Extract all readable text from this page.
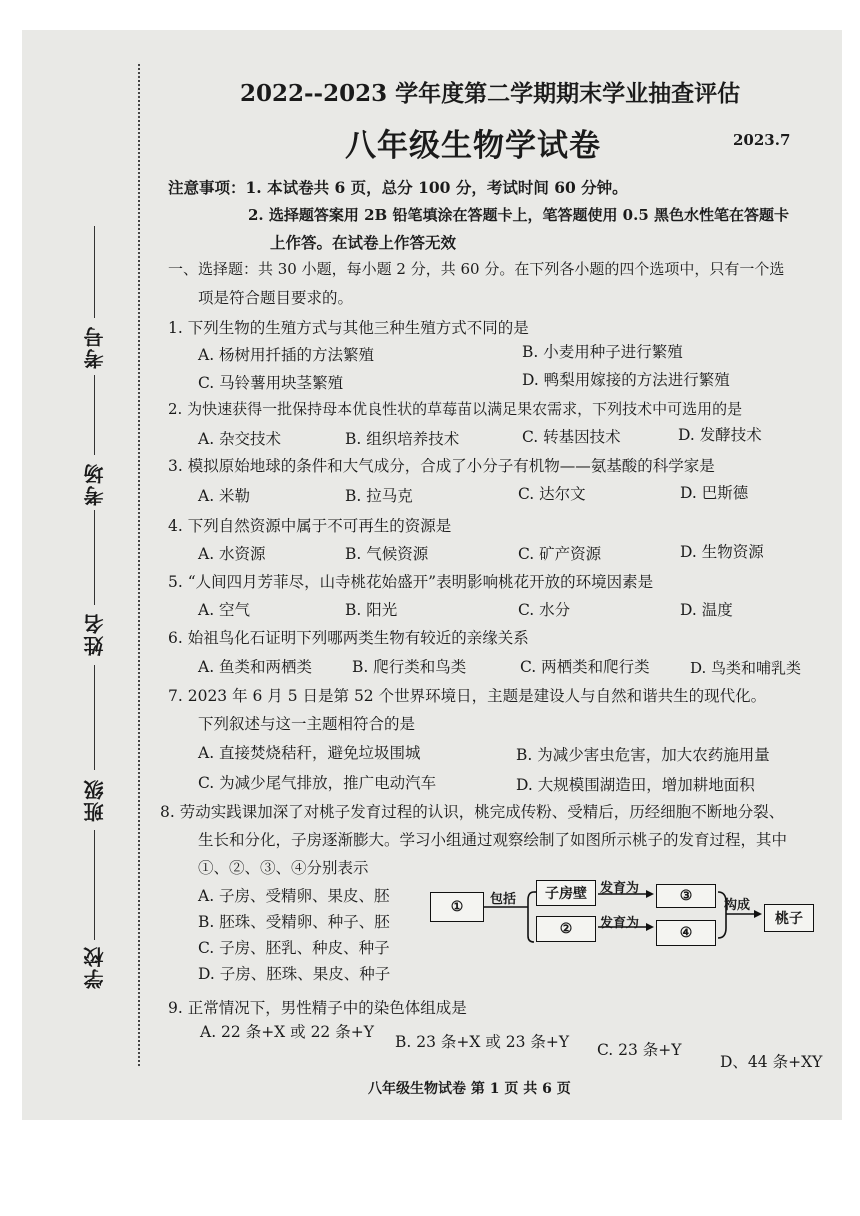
考号
考场
姓名
班级
学校
2022--2023 学年度第二学期期末学业抽查评估
八年级生物学试卷	2023.7
注意事项：1. 本试卷共 6 页，总分 100 分，考试时间 60 分钟。
2. 选择题答案用 2B 铅笔填涂在答题卡上，笔答题使用 0.5 黑色水性笔在答题卡
上作答。在试卷上作答无效
一、选择题：共 30 小题，每小题 2 分，共 60 分。在下列各小题的四个选项中，只有一个选
项是符合题目要求的。
1. 下列生物的生殖方式与其他三种生殖方式不同的是
A. 杨树用扦插的方法繁殖	B. 小麦用种子进行繁殖
C. 马铃薯用块茎繁殖	D. 鸭梨用嫁接的方法进行繁殖
2. 为快速获得一批保持母本优良性状的草莓苗以满足果农需求，下列技术中可选用的是
A. 杂交技术	B. 组织培养技术	C. 转基因技术	D. 发酵技术
3. 模拟原始地球的条件和大气成分，合成了小分子有机物——氨基酸的科学家是
A. 米勒	B. 拉马克	C. 达尔文	D. 巴斯德
4. 下列自然资源中属于不可再生的资源是
A. 水资源	B. 气候资源	C. 矿产资源	D. 生物资源
5. “人间四月芳菲尽，山寺桃花始盛开”表明影响桃花开放的环境因素是
A. 空气	B. 阳光	C. 水分	D. 温度
6. 始祖鸟化石证明下列哪两类生物有较近的亲缘关系
A. 鱼类和两栖类	B. 爬行类和鸟类	C. 两栖类和爬行类	D. 鸟类和哺乳类
7. 2023 年 6 月 5 日是第 52 个世界环境日，主题是建设人与自然和谐共生的现代化。
下列叙述与这一主题相符合的是
A. 直接焚烧秸秆，避免垃圾围城	B. 为减少害虫危害，加大农药施用量
C. 为减少尾气排放，推广电动汽车	D. 大规模围湖造田，增加耕地面积
8. 劳动实践课加深了对桃子发育过程的认识，桃完成传粉、受精后，历经细胞不断地分裂、
生长和分化，子房逐渐膨大。学习小组通过观察绘制了如图所示桃子的发育过程，其中
①、②、③、④分别表示
A. 子房、受精卵、果皮、胚
B. 胚珠、受精卵、种子、胚
C. 子房、胚乳、种皮、种子
D. 子房、胚珠、果皮、种子
①	包括	子房壁	发育为	③
②	发育为
④
构成
桃子
9. 正常情况下，男性精子中的染色体组成是
A. 22 条+X 或 22 条+Y
B. 23 条+X 或 23 条+Y C. 23 条+Y
D、44 条+XY
八年级生物试卷 第 1 页 共 6 页
